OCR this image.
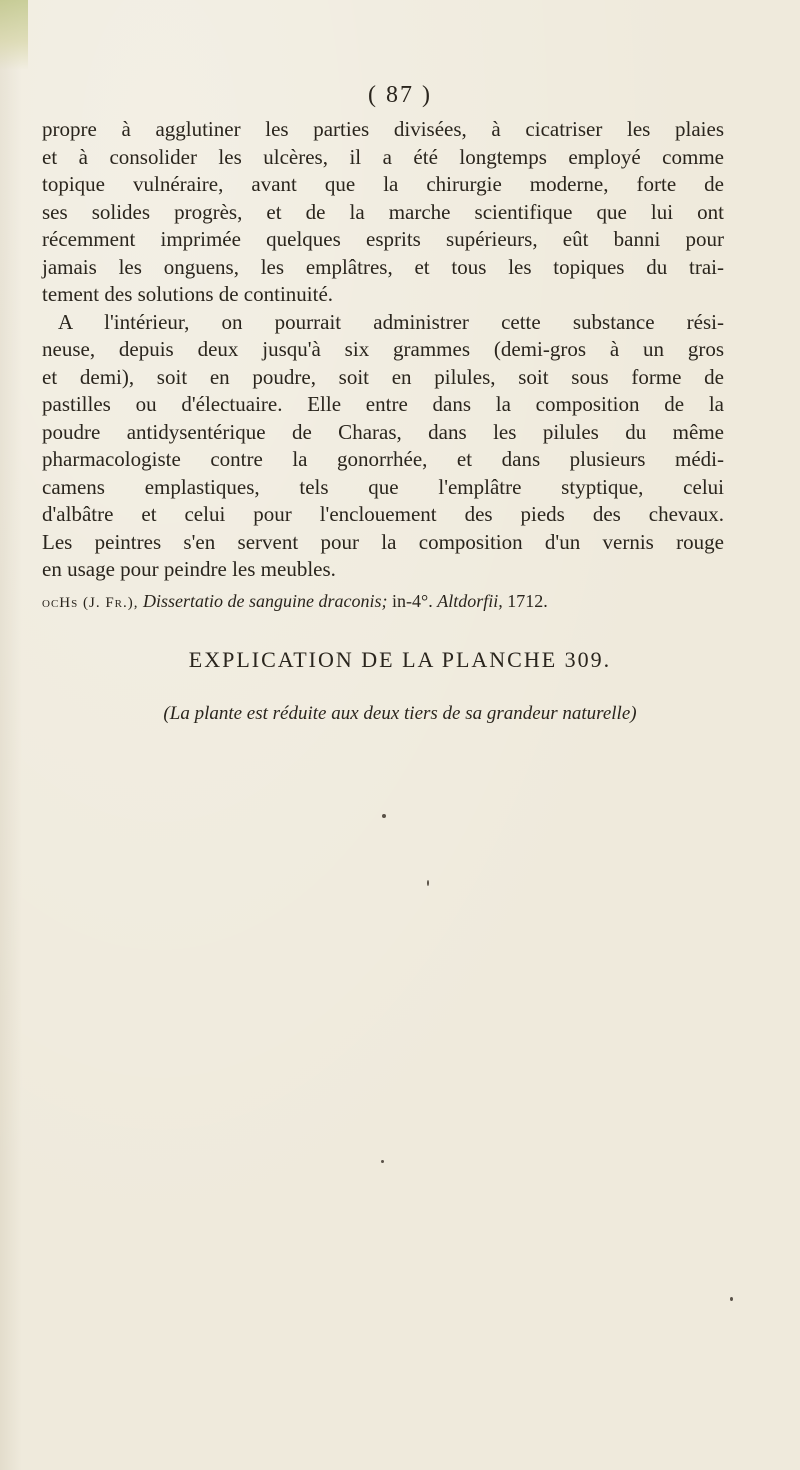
( 87 )

propre à agglutiner les parties divisées, à cicatriser les plaies
et à consolider les ulcères, il a été longtemps employé comme
topique vulnéraire, avant que la chirurgie moderne, forte de
ses solides progrès, et de la marche scientifique que lui ont
récemment imprimée quelques esprits supérieurs, eût banni pour
jamais les onguens, les emplâtres, et tous les topiques du trai-
tement des solutions de continuité.

A l'intérieur, on pourrait administrer cette substance rési-
neuse, depuis deux jusqu'à six grammes (demi-gros à un gros
et demi), soit en poudre, soit en pilules, soit sous forme de
pastilles ou d'électuaire. Elle entre dans la composition de la
poudre antidysentérique de Charas, dans les pilules du même
pharmacologiste contre la gonorrhée, et dans plusieurs médi-
camens emplastiques, tels que l'emplâtre styptique, celui
d'albâtre et celui pour l'enclouement des pieds des chevaux.
Les peintres s'en servent pour la composition d'un vernis rouge
en usage pour peindre les meubles.

ocHs (J. Fr.), Dissertatio de sanguine draconis; in-4°. Altdorfii, 1712.
EXPLICATION DE LA PLANCHE 309.
(La plante est réduite aux deux tiers de sa grandeur naturelle)
